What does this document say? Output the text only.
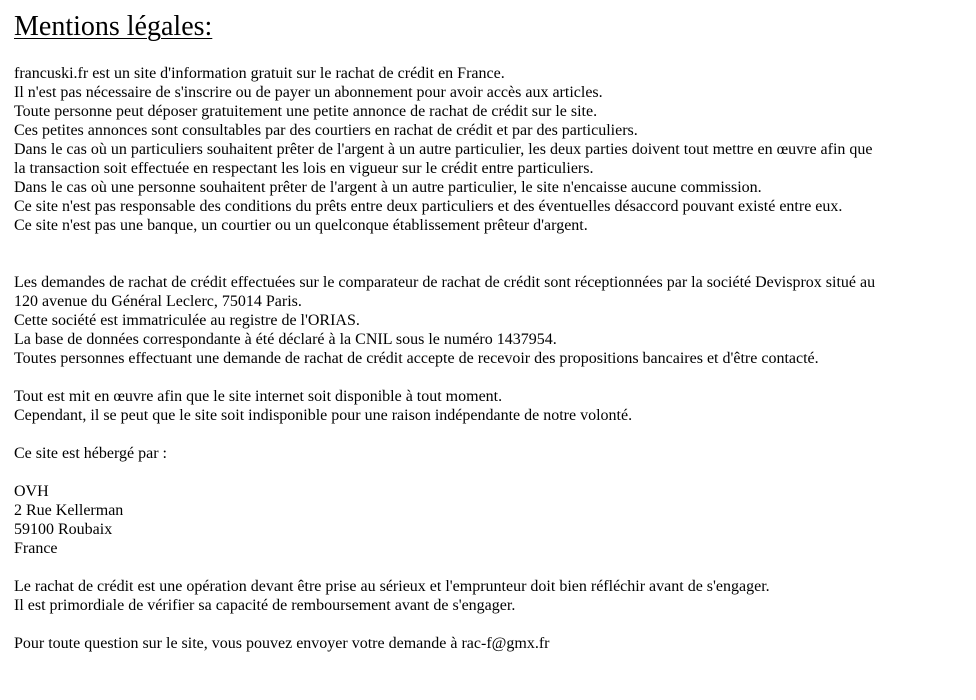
Mentions légales:

francuski.fr est un site d'information gratuit sur le rachat de crédit en France.

Il n'est pas nécessaire de s'inscrire ou de payer un abonnement pour avoir accès aux articles.

Toute personne peut déposer gratuitement une petite annonce de rachat de crédit sur le site.

Ces petites annonces sont consultables par des courtiers en rachat de crédit et par des particuliers.

Dans le cas où un particuliers souhaitent prêter de l'argent à un autre particulier, les deux parties doivent tout mettre en œuvre afin que

la transaction soit effectuée en respectant les lois en vigueur sur le crédit entre particuliers.

Dans le cas où une personne souhaitent prêter de l'argent à un autre particulier, le site n'encaisse aucune commission.

Ce site n'est pas responsable des conditions du prêts entre deux particuliers et des éventuelles désaccord pouvant existé entre eux.

Ce site n'est pas une banque, un courtier ou un quelconque établissement prêteur d'argent.

Les demandes de rachat de crédit effectuées sur le comparateur de rachat de crédit sont réceptionnées par la société Devisprox situé au

120 avenue du Général Leclerc, 75014 Paris.

Cette société est immatriculée au registre de l'ORIAS.

La base de données correspondante à été déclaré à la CNIL sous le numéro 1437954.

Toutes personnes effectuant une demande de rachat de crédit accepte de recevoir des propositions bancaires et d'être contacté.

Tout est mit en œuvre afin que le site internet soit disponible à tout moment.

Cependant, il se peut que le site soit indisponible pour une raison indépendante de notre volonté.

Ce site est hébergé par :

OVH

2 Rue Kellerman

59100 Roubaix

France

Le rachat de crédit est une opération devant être prise au sérieux et l'emprunteur doit bien réfléchir avant de s'engager.

Il est primordiale de vérifier sa capacité de remboursement avant de s'engager.

Pour toute question sur le site, vous pouvez envoyer votre demande à rac-f@gmx.fr
